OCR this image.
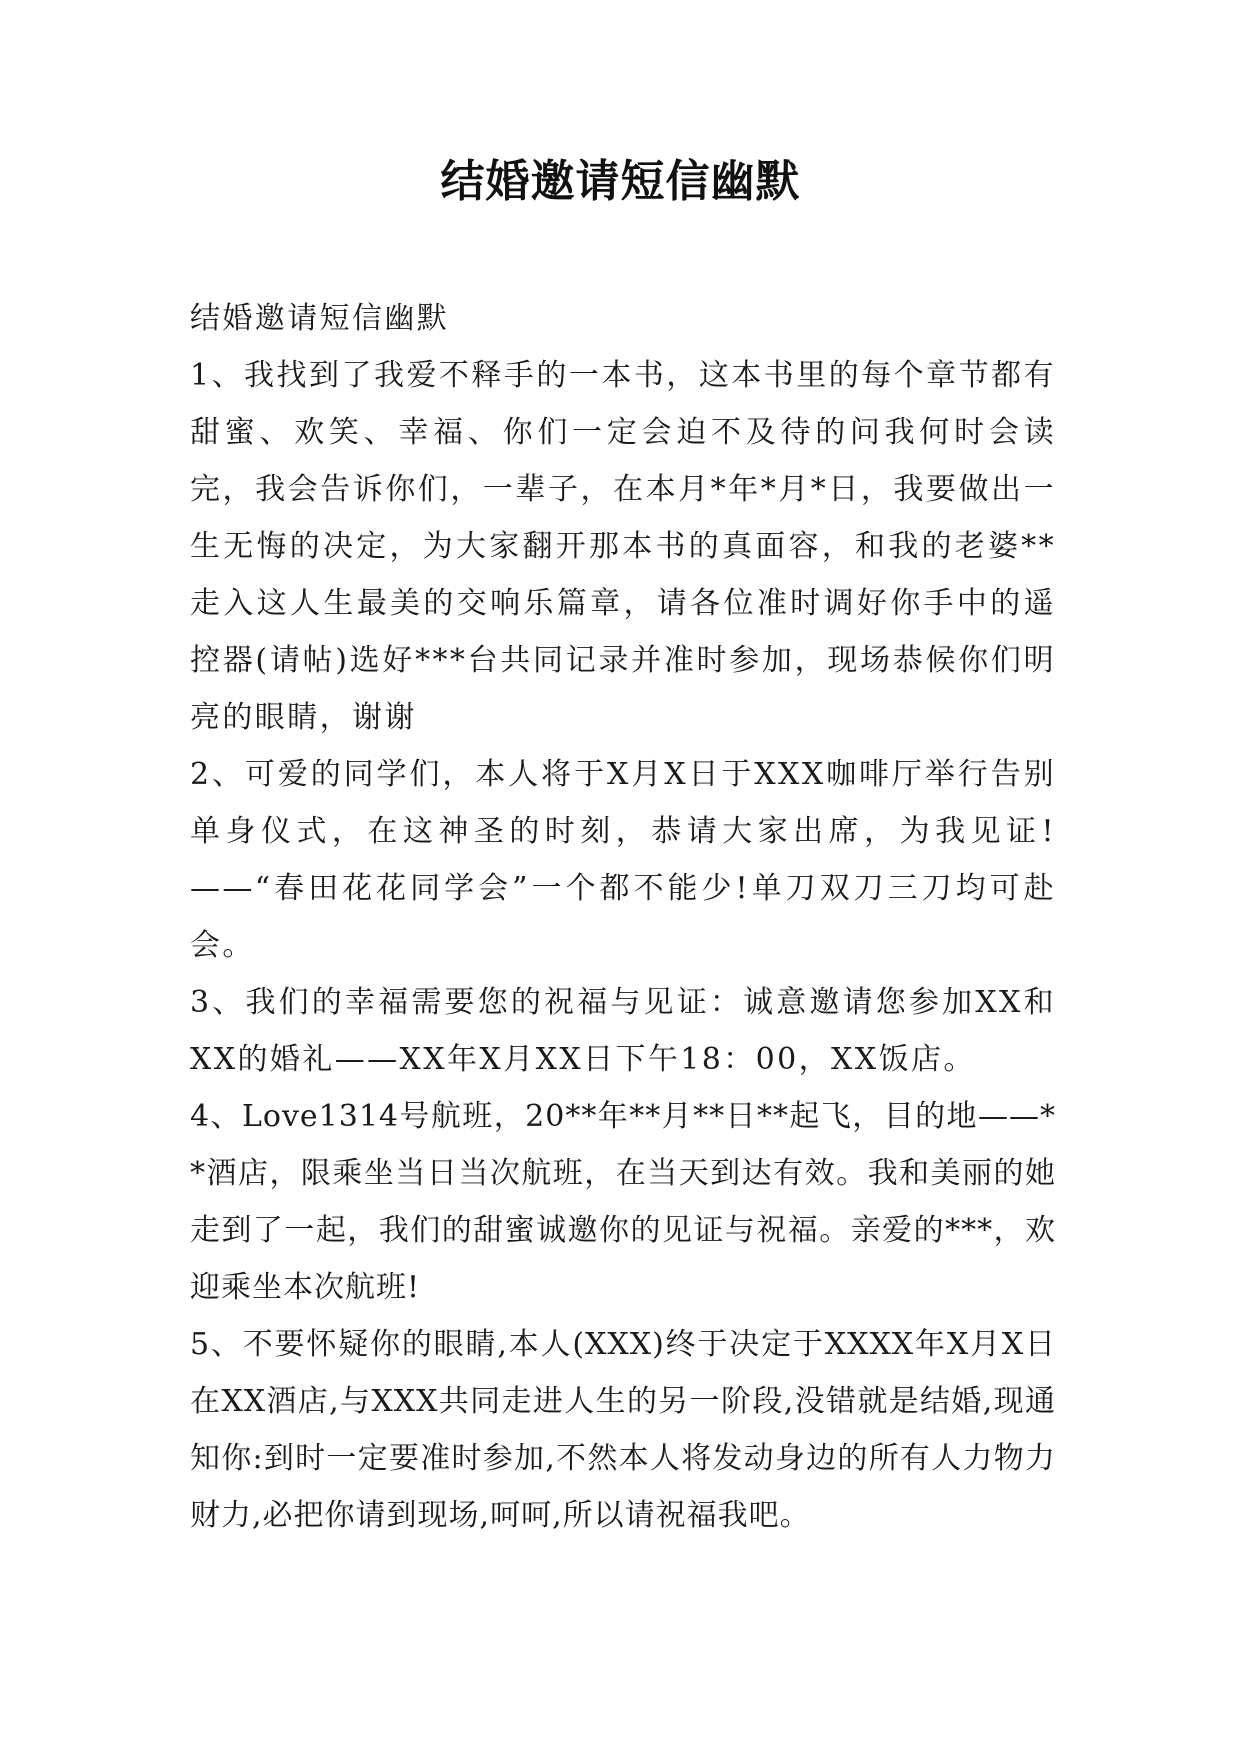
结婚邀请短信幽默

结婚邀请短信幽默

1、我找到了我爱不释手的一本书，这本书里的每个章节都有甜蜜、欢笑、幸福、你们一定会迫不及待的问我何时会读完，我会告诉你们，一辈子，在本月*年*月*日，我要做出一生无悔的决定，为大家翻开那本书的真面容，和我的老婆**走入这人生最美的交响乐篇章，请各位准时调好你手中的遥控器(请帖)选好***台共同记录并准时参加，现场恭候你们明亮的眼睛，谢谢

2、可爱的同学们，本人将于X月X日于XXX咖啡厅举行告别单身仪式，在这神圣的时刻，恭请大家出席，为我见证!——“春田花花同学会”一个都不能少!单刀双刀三刀均可赴会。

3、我们的幸福需要您的祝福与见证：诚意邀请您参加XX和XX的婚礼——XX年X月XX日下午18：00，XX饭店。

4、Love1314号航班，20**年**月**日**起飞，目的地——**酒店，限乘坐当日当次航班，在当天到达有效。我和美丽的她走到了一起，我们的甜蜜诚邀你的见证与祝福。亲爱的***，欢迎乘坐本次航班!

5、不要怀疑你的眼睛,本人(XXX)终于决定于XXXX年X月X日在XX酒店,与XXX共同走进人生的另一阶段,没错就是结婚,现通知你:到时一定要准时参加,不然本人将发动身边的所有人力物力财力,必把你请到现场,呵呵,所以请祝福我吧。
